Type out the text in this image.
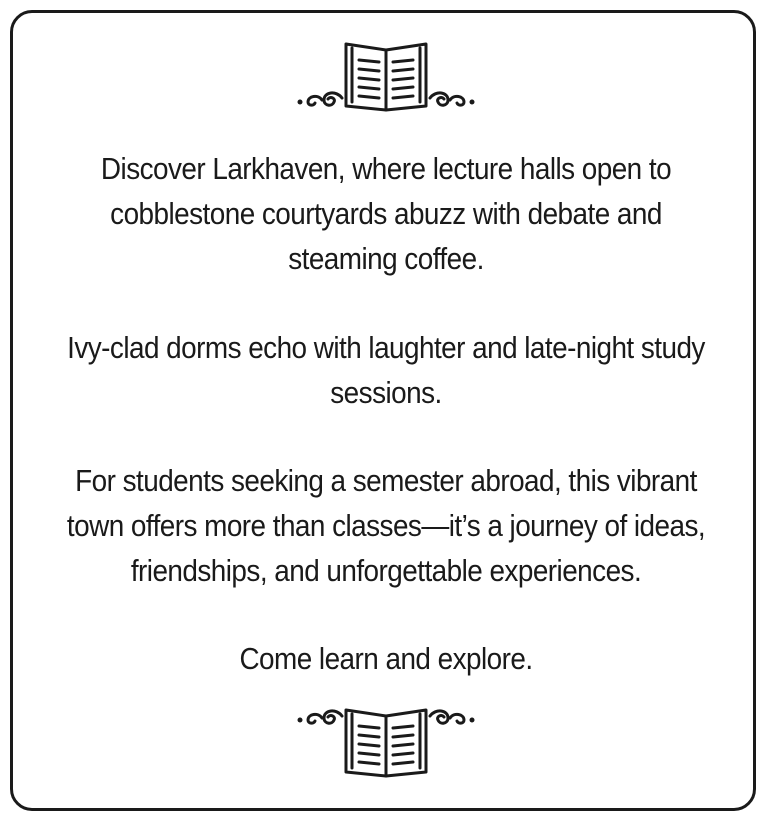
Discover Larkhaven, where lecture halls open to cobblestone courtyards abuzz with debate and steaming coffee.
Ivy-clad dorms echo with laughter and late-night study sessions.
For students seeking a semester abroad, this vibrant town offers more than classes—it’s a journey of ideas, friendships, and unforgettable experiences.
Come learn and explore.
